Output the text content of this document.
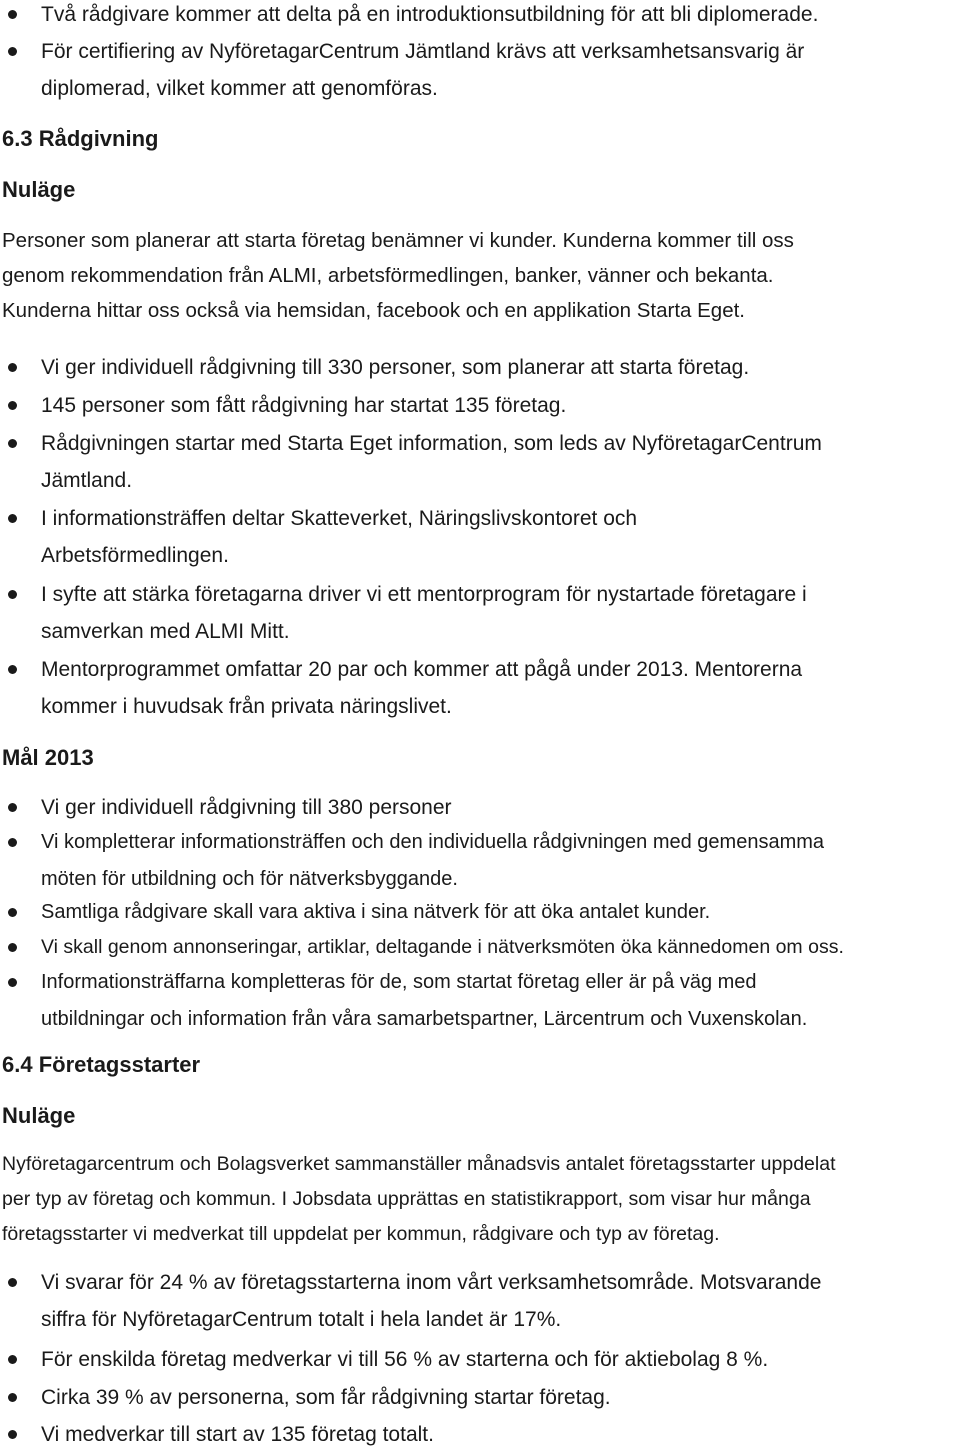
Två rådgivare kommer att delta på en introduktionsutbildning för att bli diplomerade.
För certifiering av NyföretagarCentrum Jämtland krävs att verksamhetsansvarig är
diplomerad, vilket kommer att genomföras.
6.3 Rådgivning
Nuläge
Personer som planerar att starta företag benämner vi kunder. Kunderna kommer till oss
genom rekommendation från ALMI, arbetsförmedlingen, banker, vänner och bekanta.
Kunderna hittar oss också via hemsidan, facebook och en applikation Starta Eget.
Vi ger individuell rådgivning till 330 personer, som planerar att starta företag.
145 personer som fått rådgivning har startat 135 företag.
Rådgivningen startar med Starta Eget information, som leds av NyföretagarCentrum
Jämtland.
I informationsträffen deltar Skatteverket, Näringslivskontoret och
Arbetsförmedlingen.
I syfte att stärka företagarna driver vi ett mentorprogram för nystartade företagare i
samverkan med ALMI Mitt.
Mentorprogrammet omfattar 20 par och kommer att pågå under 2013. Mentorerna
kommer i huvudsak från privata näringslivet.
Mål 2013
Vi ger individuell rådgivning till 380 personer
Vi kompletterar informationsträffen och den individuella rådgivningen med gemensamma
möten för utbildning och för nätverksbyggande.
Samtliga rådgivare skall vara aktiva i sina nätverk för att öka antalet kunder.
Vi skall genom annonseringar, artiklar, deltagande i nätverksmöten öka kännedomen om oss.
Informationsträffarna kompletteras för de, som startat företag eller är på väg med
utbildningar och information från våra samarbetspartner, Lärcentrum och Vuxenskolan.
6.4 Företagsstarter
Nuläge
Nyföretagarcentrum och Bolagsverket sammanställer månadsvis antalet företagsstarter uppdelat
per typ av företag och kommun. I Jobsdata upprättas en statistikrapport, som visar hur många
företagsstarter vi medverkat till uppdelat per kommun, rådgivare och typ av företag.
Vi svarar för 24 % av företagsstarterna inom vårt verksamhetsområde. Motsvarande
siffra för NyföretagarCentrum totalt i hela landet är 17%.
För enskilda företag medverkar vi till 56 % av starterna och för aktiebolag 8 %.
Cirka 39 % av personerna, som får rådgivning startar företag.
Vi medverkar till start av 135 företag totalt.
